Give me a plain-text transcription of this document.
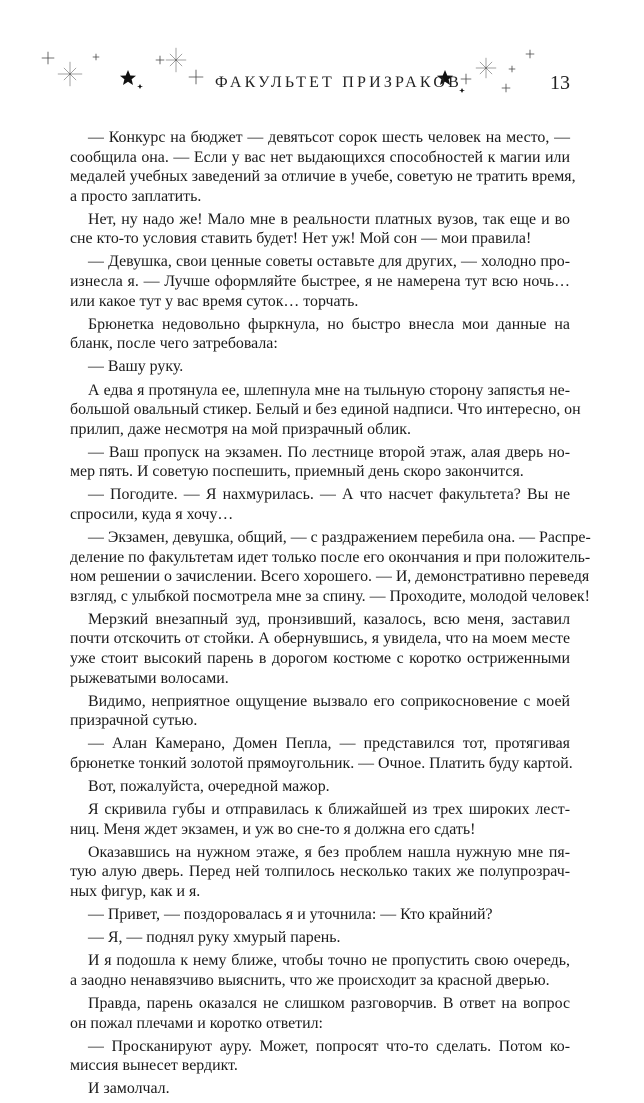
ФАКУЛЬТЕТ ПРИЗРАКОВ	13
— Конкурс на бюджет — девятьсот сорок шесть человек на место, —
сообщила она. — Если у вас нет выдающихся способностей к магии или
медалей учебных заведений за отличие в учебе, советую не тратить время,
а просто заплатить.
Нет, ну надо же! Мало мне в реальности платных вузов, так еще и во
сне кто-то условия ставить будет! Нет уж! Мой сон — мои правила!
— Девушка, свои ценные советы оставьте для других, — холодно про-
изнесла я. — Лучше оформляйте быстрее, я не намерена тут всю ночь…
или какое тут у вас время суток… торчать.
Брюнетка недовольно фыркнула, но быстро внесла мои данные на
бланк, после чего затребовала:
— Вашу руку.
А едва я протянула ее, шлепнула мне на тыльную сторону запястья не-
большой овальный стикер. Белый и без единой надписи. Что интересно, он
прилип, даже несмотря на мой призрачный облик.
— Ваш пропуск на экзамен. По лестнице второй этаж, алая дверь но-
мер пять. И советую поспешить, приемный день скоро закончится.
— Погодите. — Я нахмурилась. — А что насчет факультета? Вы не
спросили, куда я хочу…
— Экзамен, девушка, общий, — с раздражением перебила она. — Распре-
деление по факультетам идет только после его окончания и при положитель-
ном решении о зачислении. Всего хорошего. — И, демонстративно переведя
взгляд, с улыбкой посмотрела мне за спину. — Проходите, молодой человек!
Мерзкий внезапный зуд, пронзивший, казалось, всю меня, заставил
почти отскочить от стойки. А обернувшись, я увидела, что на моем месте
уже стоит высокий парень в дорогом костюме с коротко остриженными
рыжеватыми волосами.
Видимо, неприятное ощущение вызвало его соприкосновение с моей
призрачной сутью.
— Алан Камерано, Домен Пепла, — представился тот, протягивая
брюнетке тонкий золотой прямоугольник. — Очное. Платить буду картой.
Вот, пожалуйста, очередной мажор.
Я скривила губы и отправилась к ближайшей из трех широких лест-
ниц. Меня ждет экзамен, и уж во сне-то я должна его сдать!
Оказавшись на нужном этаже, я без проблем нашла нужную мне пя-
тую алую дверь. Перед ней толпилось несколько таких же полупрозрач-
ных фигур, как и я.
— Привет, — поздоровалась я и уточнила: — Кто крайний?
— Я, — поднял руку хмурый парень.
И я подошла к нему ближе, чтобы точно не пропустить свою очередь,
а заодно ненавязчиво выяснить, что же происходит за красной дверью.
Правда, парень оказался не слишком разговорчив. В ответ на вопрос
он пожал плечами и коротко ответил:
— Просканируют ауру. Может, попросят что-то сделать. Потом ко-
миссия вынесет вердикт.
И замолчал.
